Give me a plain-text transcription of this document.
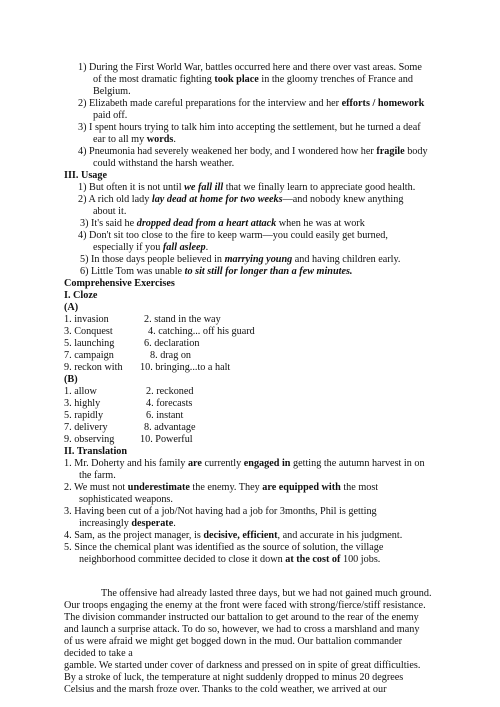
1) During the First World War, battles occurred here and there over vast areas. Some
of the most dramatic fighting took place in the gloomy trenches of France and
Belgium.
2) Elizabeth made careful preparations for the interview and her efforts / homework
paid off.
3) I spent hours trying to talk him into accepting the settlement, but he turned a deaf
ear to all my words.
4) Pneumonia had severely weakened her body, and I wondered how her fragile body
could withstand the harsh weather.
III. Usage
1) But often it is not until we fall ill that we finally learn to appreciate good health.
2) A rich old lady lay dead at home for two weeks—and nobody knew anything
about it.
3) It's said he dropped dead from a heart attack when he was at work
4) Don't sit too close to the fire to keep warm—you could easily get burned,
especially if you fall asleep.
5) In those days people believed in marrying young and having children early.
6) Little Tom was unable to sit still for longer than a few minutes.
Comprehensive Exercises
I. Cloze
(A)
1. invasion	2. stand in the way
3. Conquest	4. catching... off his guard
5. launching	6. declaration
7. campaign	8. drag on
9. reckon with 10. bringing...to a halt
(B)
1. allow	2. reckoned
3. highly	4. forecasts
5. rapidly	6. instant
7. delivery	8. advantage
9. observing	10. Powerful
II. Translation
1. Mr. Doherty and his family are currently engaged in getting the autumn harvest in on
the farm.
2. We must not underestimate the enemy. They are equipped with the most
sophisticated weapons.
3. Having been cut of a job/Not having had a job for 3months, Phil is getting
increasingly desperate.
4. Sam, as the project manager, is decisive, efficient, and accurate in his judgment.
5. Since the chemical plant was identified as the source of solution, the village
neighborhood committee decided to close it down at the cost of 100 jobs.
The offensive had already lasted three days, but we had not gained much ground.
Our troops engaging the enemy at the front were faced with strong/fierce/stiff resistance.
The division commander instructed our battalion to get around to the rear of the enemy
and launch a surprise attack. To do so, however, we had to cross a marshland and many
of us were afraid we might get bogged down in the mud. Our battalion commander
decided to take a
gamble. We started under cover of darkness and pressed on in spite of great difficulties.
By a stroke of luck, the temperature at night suddenly dropped to minus 20 degrees
Celsius and the marsh froze over. Thanks to the cold weather, we arrived at our
